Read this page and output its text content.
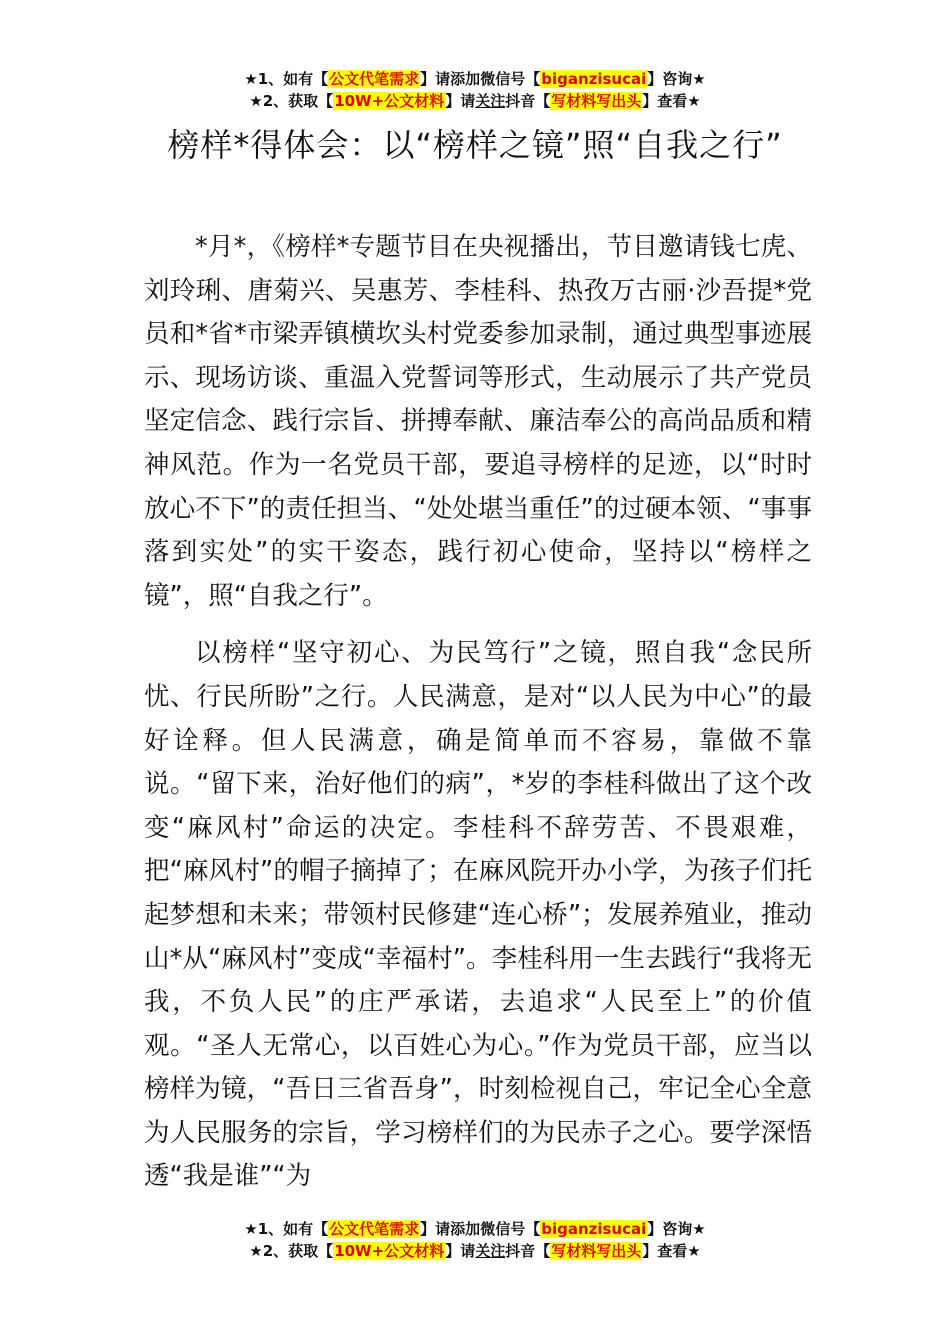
★1、如有【公文代笔需求】请添加微信号【biganzisucai】咨询★
★2、获取【10W+公文材料】请关注抖音【写材料写出头】查看★
榜样*得体会：以“榜样之镜”照“自我之行”

*月*，《榜样*专题节目在央视播出，节目邀请钱七虎、刘玲琍、唐菊兴、吴惠芳、李桂科、热孜万古丽·沙吾提*党员和*省*市梁弄镇横坎头村党委参加录制，通过典型事迹展示、现场访谈、重温入党誓词等形式，生动展示了共产党员坚定信念、践行宗旨、拼搏奉献、廉洁奉公的高尚品质和精神风范。作为一名党员干部，要追寻榜样的足迹，以“时时放心不下”的责任担当、“处处堪当重任”的过硬本领、“事事落到实处”的实干姿态，践行初心使命，坚持以“榜样之镜”，照“自我之行”。

以榜样“坚守初心、为民笃行”之镜，照自我“念民所忧、行民所盼”之行。人民满意，是对“以人民为中心”的最好诠释。但人民满意，确是简单而不容易，靠做不靠说。“留下来，治好他们的病”，*岁的李桂科做出了这个改变“麻风村”命运的决定。李桂科不辞劳苦、不畏艰难，把“麻风村”的帽子摘掉了；在麻风院开办小学，为孩子们托起梦想和未来；带领村民修建“连心桥”；发展养殖业，推动山*从“麻风村”变成“幸福村”。李桂科用一生去践行“我将无我，不负人民”的庄严承诺，去追求“人民至上”的价值观。“圣人无常心，以百姓心为心。”作为党员干部，应当以榜样为镜，“吾日三省吾身”，时刻检视自己，牢记全心全意为人民服务的宗旨，学习榜样们的为民赤子之心。要学深悟透“我是谁”“为

★1、如有【公文代笔需求】请添加微信号【biganzisucai】咨询★
★2、获取【10W+公文材料】请关注抖音【写材料写出头】查看★
